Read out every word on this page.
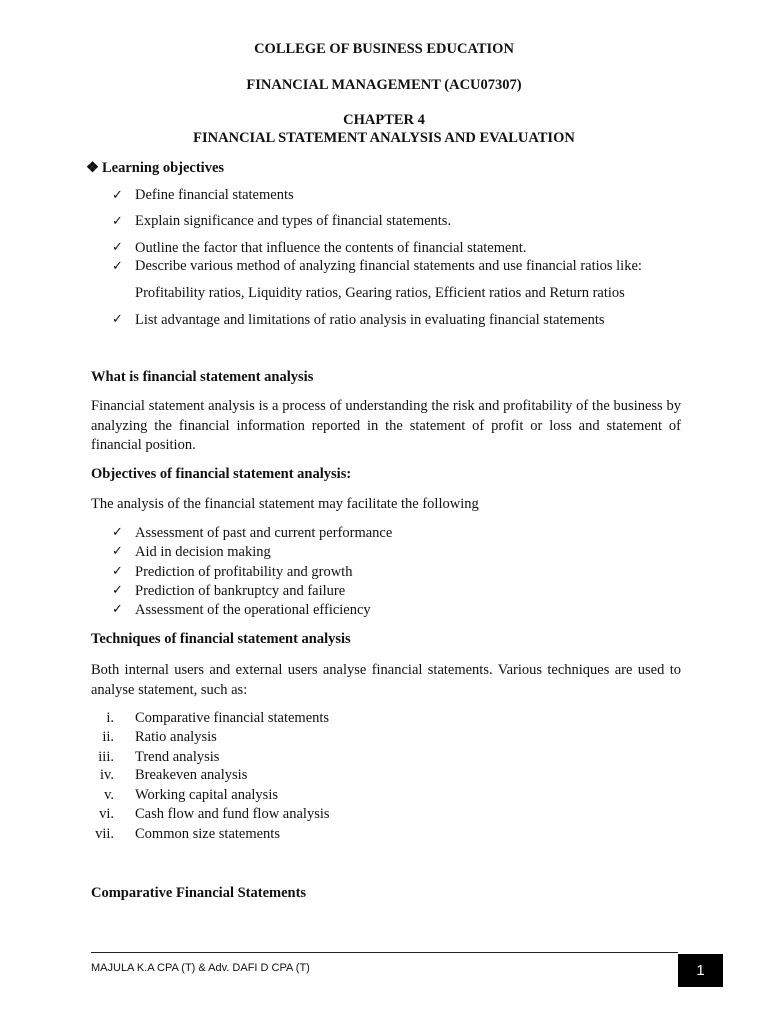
COLLEGE OF BUSINESS EDUCATION
FINANCIAL MANAGEMENT (ACU07307)
CHAPTER 4
FINANCIAL STATEMENT ANALYSIS AND EVALUATION
❖ Learning objectives
✓ Define financial statements
✓ Explain significance and types of financial statements.
✓ Outline the factor that influence the contents of financial statement.
✓ Describe various method of analyzing financial statements and use financial ratios like:
Profitability ratios, Liquidity ratios, Gearing ratios, Efficient ratios and Return ratios
✓ List advantage and limitations of ratio analysis in evaluating financial statements
What is financial statement analysis
Financial statement analysis is a process of understanding the risk and profitability of the business by analyzing the financial information reported in the statement of profit or loss and statement of financial position.
Objectives of financial statement analysis:
The analysis of the financial statement may facilitate the following
✓ Assessment of past and current performance
✓ Aid in decision making
✓ Prediction of profitability and growth
✓ Prediction of bankruptcy and failure
✓ Assessment of the operational efficiency
Techniques of financial statement analysis
Both internal users and external users analyse financial statements. Various techniques are used to analyse statement, such as:
i. Comparative financial statements
ii. Ratio analysis
iii. Trend analysis
iv. Breakeven analysis
v. Working capital analysis
vi. Cash flow and fund flow analysis
vii. Common size statements
Comparative Financial Statements
MAJULA K.A CPA (T) & Adv. DAFI D CPA (T)	1
